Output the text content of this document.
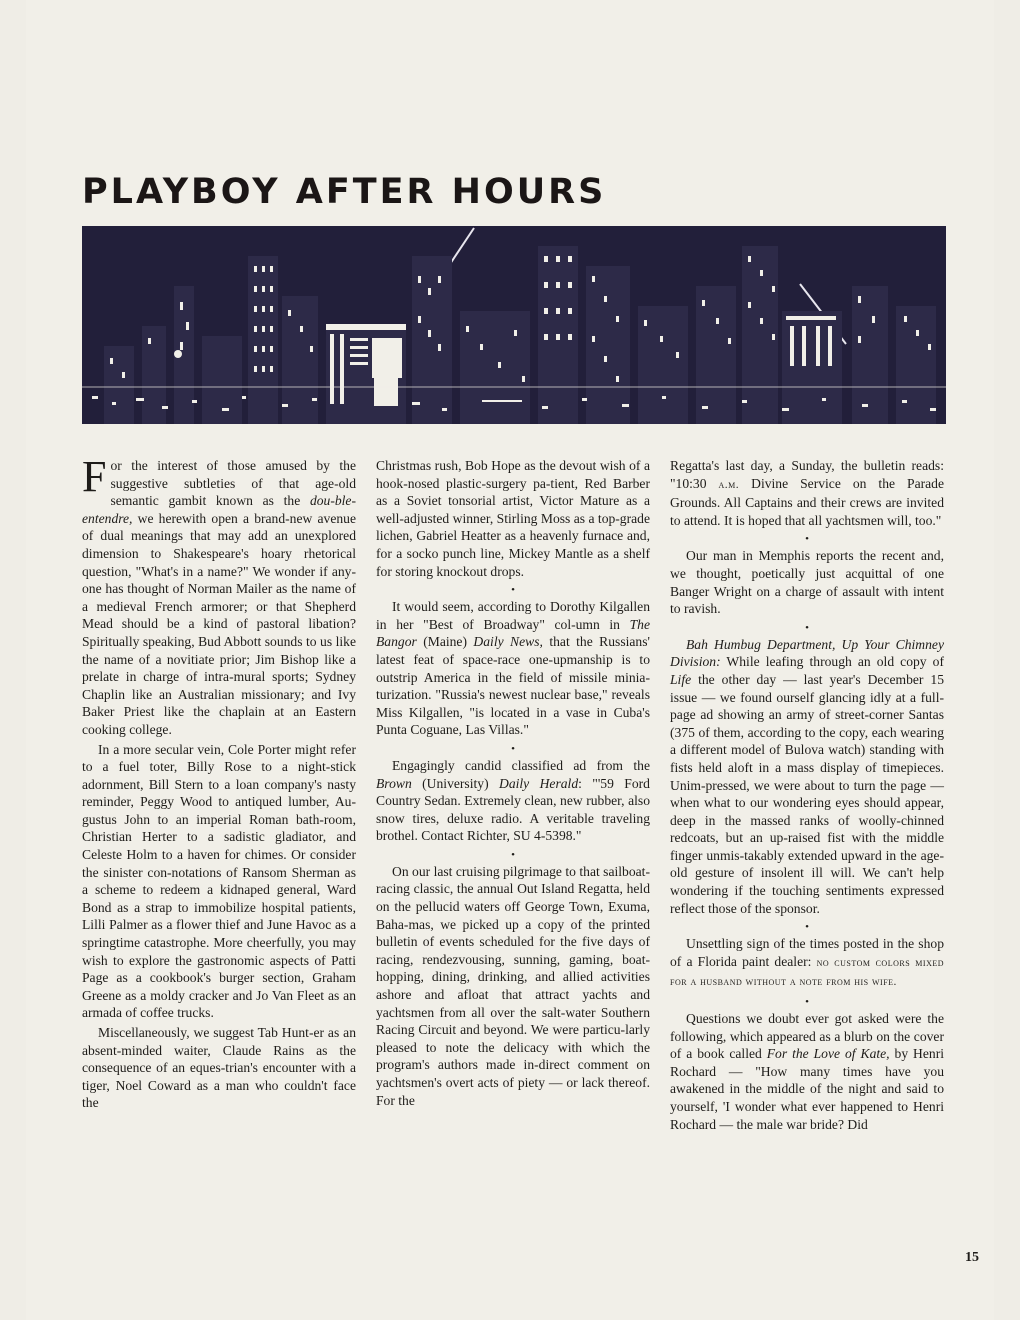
PLAYBOY AFTER HOURS

For the interest of those amused by the suggestive subtleties of that age-old semantic gambit known as the dou-ble-entendre, we herewith open a brand-new avenue of dual meanings that may add an unexplored dimension to Shakespeare's hoary rhetorical question, "What's in a name?" We wonder if any-one has thought of Norman Mailer as the name of a medieval French armorer; or that Shepherd Mead should be a kind of pastoral libation? Spiritually speaking, Bud Abbott sounds to us like the name of a novitiate prior; Jim Bishop like a prelate in charge of intra-mural sports; Sydney Chaplin like an Australian missionary; and Ivy Baker Priest like the chaplain at an Eastern cooking college.

In a more secular vein, Cole Porter might refer to a fuel toter, Billy Rose to a night-stick adornment, Bill Stern to a loan company's nasty reminder, Peggy Wood to antiqued lumber, Au-gustus John to an imperial Roman bath-room, Christian Herter to a sadistic gladiator, and Celeste Holm to a haven for chimes. Or consider the sinister con-notations of Ransom Sherman as a scheme to redeem a kidnaped general, Ward Bond as a strap to immobilize hospital patients, Lilli Palmer as a flower thief and June Havoc as a springtime catastrophe. More cheerfully, you may wish to explore the gastronomic aspects of Patti Page as a cookbook's burger section, Graham Greene as a moldy cracker and Jo Van Fleet as an armada of coffee trucks.

Miscellaneously, we suggest Tab Hunt-er as an absent-minded waiter, Claude Rains as the consequence of an eques-trian's encounter with a tiger, Noel Coward as a man who couldn't face the

Christmas rush, Bob Hope as the devout wish of a hook-nosed plastic-surgery pa-tient, Red Barber as a Soviet tonsorial artist, Victor Mature as a well-adjusted winner, Stirling Moss as a top-grade lichen, Gabriel Heatter as a heavenly furnace and, for a socko punch line, Mickey Mantle as a shelf for storing knockout drops.

•

It would seem, according to Dorothy Kilgallen in her "Best of Broadway" col-umn in The Bangor (Maine) Daily News, that the Russians' latest feat of space-race one-upmanship is to outstrip America in the field of missile minia-turization. "Russia's newest nuclear base," reveals Miss Kilgallen, "is located in a vase in Cuba's Punta Coguane, Las Villas."

•

Engagingly candid classified ad from the Brown (University) Daily Herald: "'59 Ford Country Sedan. Extremely clean, new rubber, also snow tires, deluxe radio. A veritable traveling brothel. Contact Richter, SU 4-5398."

•

On our last cruising pilgrimage to that sailboat-racing classic, the annual Out Island Regatta, held on the pellucid waters off George Town, Exuma, Baha-mas, we picked up a copy of the printed bulletin of events scheduled for the five days of racing, rendezvousing, sunning, gaming, boat-hopping, dining, drinking, and allied activities ashore and afloat that attract yachts and yachtsmen from all over the salt-water Southern Racing Circuit and beyond. We were particu-larly pleased to note the delicacy with which the program's authors made in-direct comment on yachtsmen's overt acts of piety — or lack thereof. For the

Regatta's last day, a Sunday, the bulletin reads: "10:30 a.m. Divine Service on the Parade Grounds. All Captains and their crews are invited to attend. It is hoped that all yachtsmen will, too."

•

Our man in Memphis reports the recent and, we thought, poetically just acquittal of one Banger Wright on a charge of assault with intent to ravish.

•

Bah Humbug Department, Up Your Chimney Division: While leafing through an old copy of Life the other day — last year's December 15 issue — we found ourself glancing idly at a full-page ad showing an army of street-corner Santas (375 of them, according to the copy, each wearing a different model of Bulova watch) standing with fists held aloft in a mass display of timepieces. Unim-pressed, we were about to turn the page — when what to our wondering eyes should appear, deep in the massed ranks of woolly-chinned redcoats, but an up-raised fist with the middle finger unmis-takably extended upward in the age-old gesture of insolent ill will. We can't help wondering if the touching sentiments expressed reflect those of the sponsor.

•

Unsettling sign of the times posted in the shop of a Florida paint dealer: no custom colors mixed for a husband without a note from his wife.

•

Questions we doubt ever got asked were the following, which appeared as a blurb on the cover of a book called For the Love of Kate, by Henri Rochard — "How many times have you awakened in the middle of the night and said to yourself, 'I wonder what ever happened to Henri Rochard — the male war bride? Did

15
